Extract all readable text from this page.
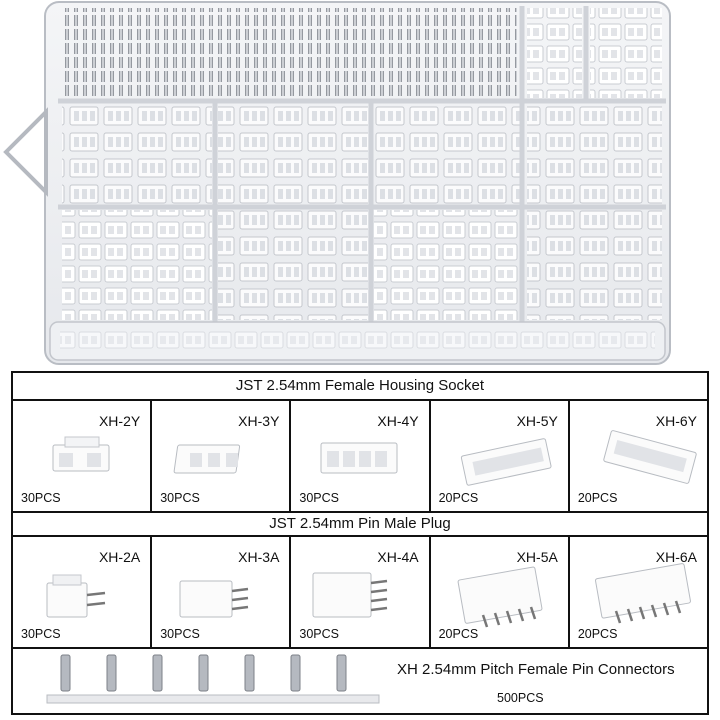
JST 2.54mm Female Housing Socket
XH-2Y
30PCS
XH-3Y
30PCS
XH-4Y
30PCS
XH-5Y
20PCS
XH-6Y
20PCS
JST 2.54mm Pin Male Plug
XH-2A
30PCS
XH-3A
30PCS
XH-4A
30PCS
XH-5A
20PCS
XH-6A
20PCS
XH 2.54mm Pitch Female Pin Connectors
500PCS
